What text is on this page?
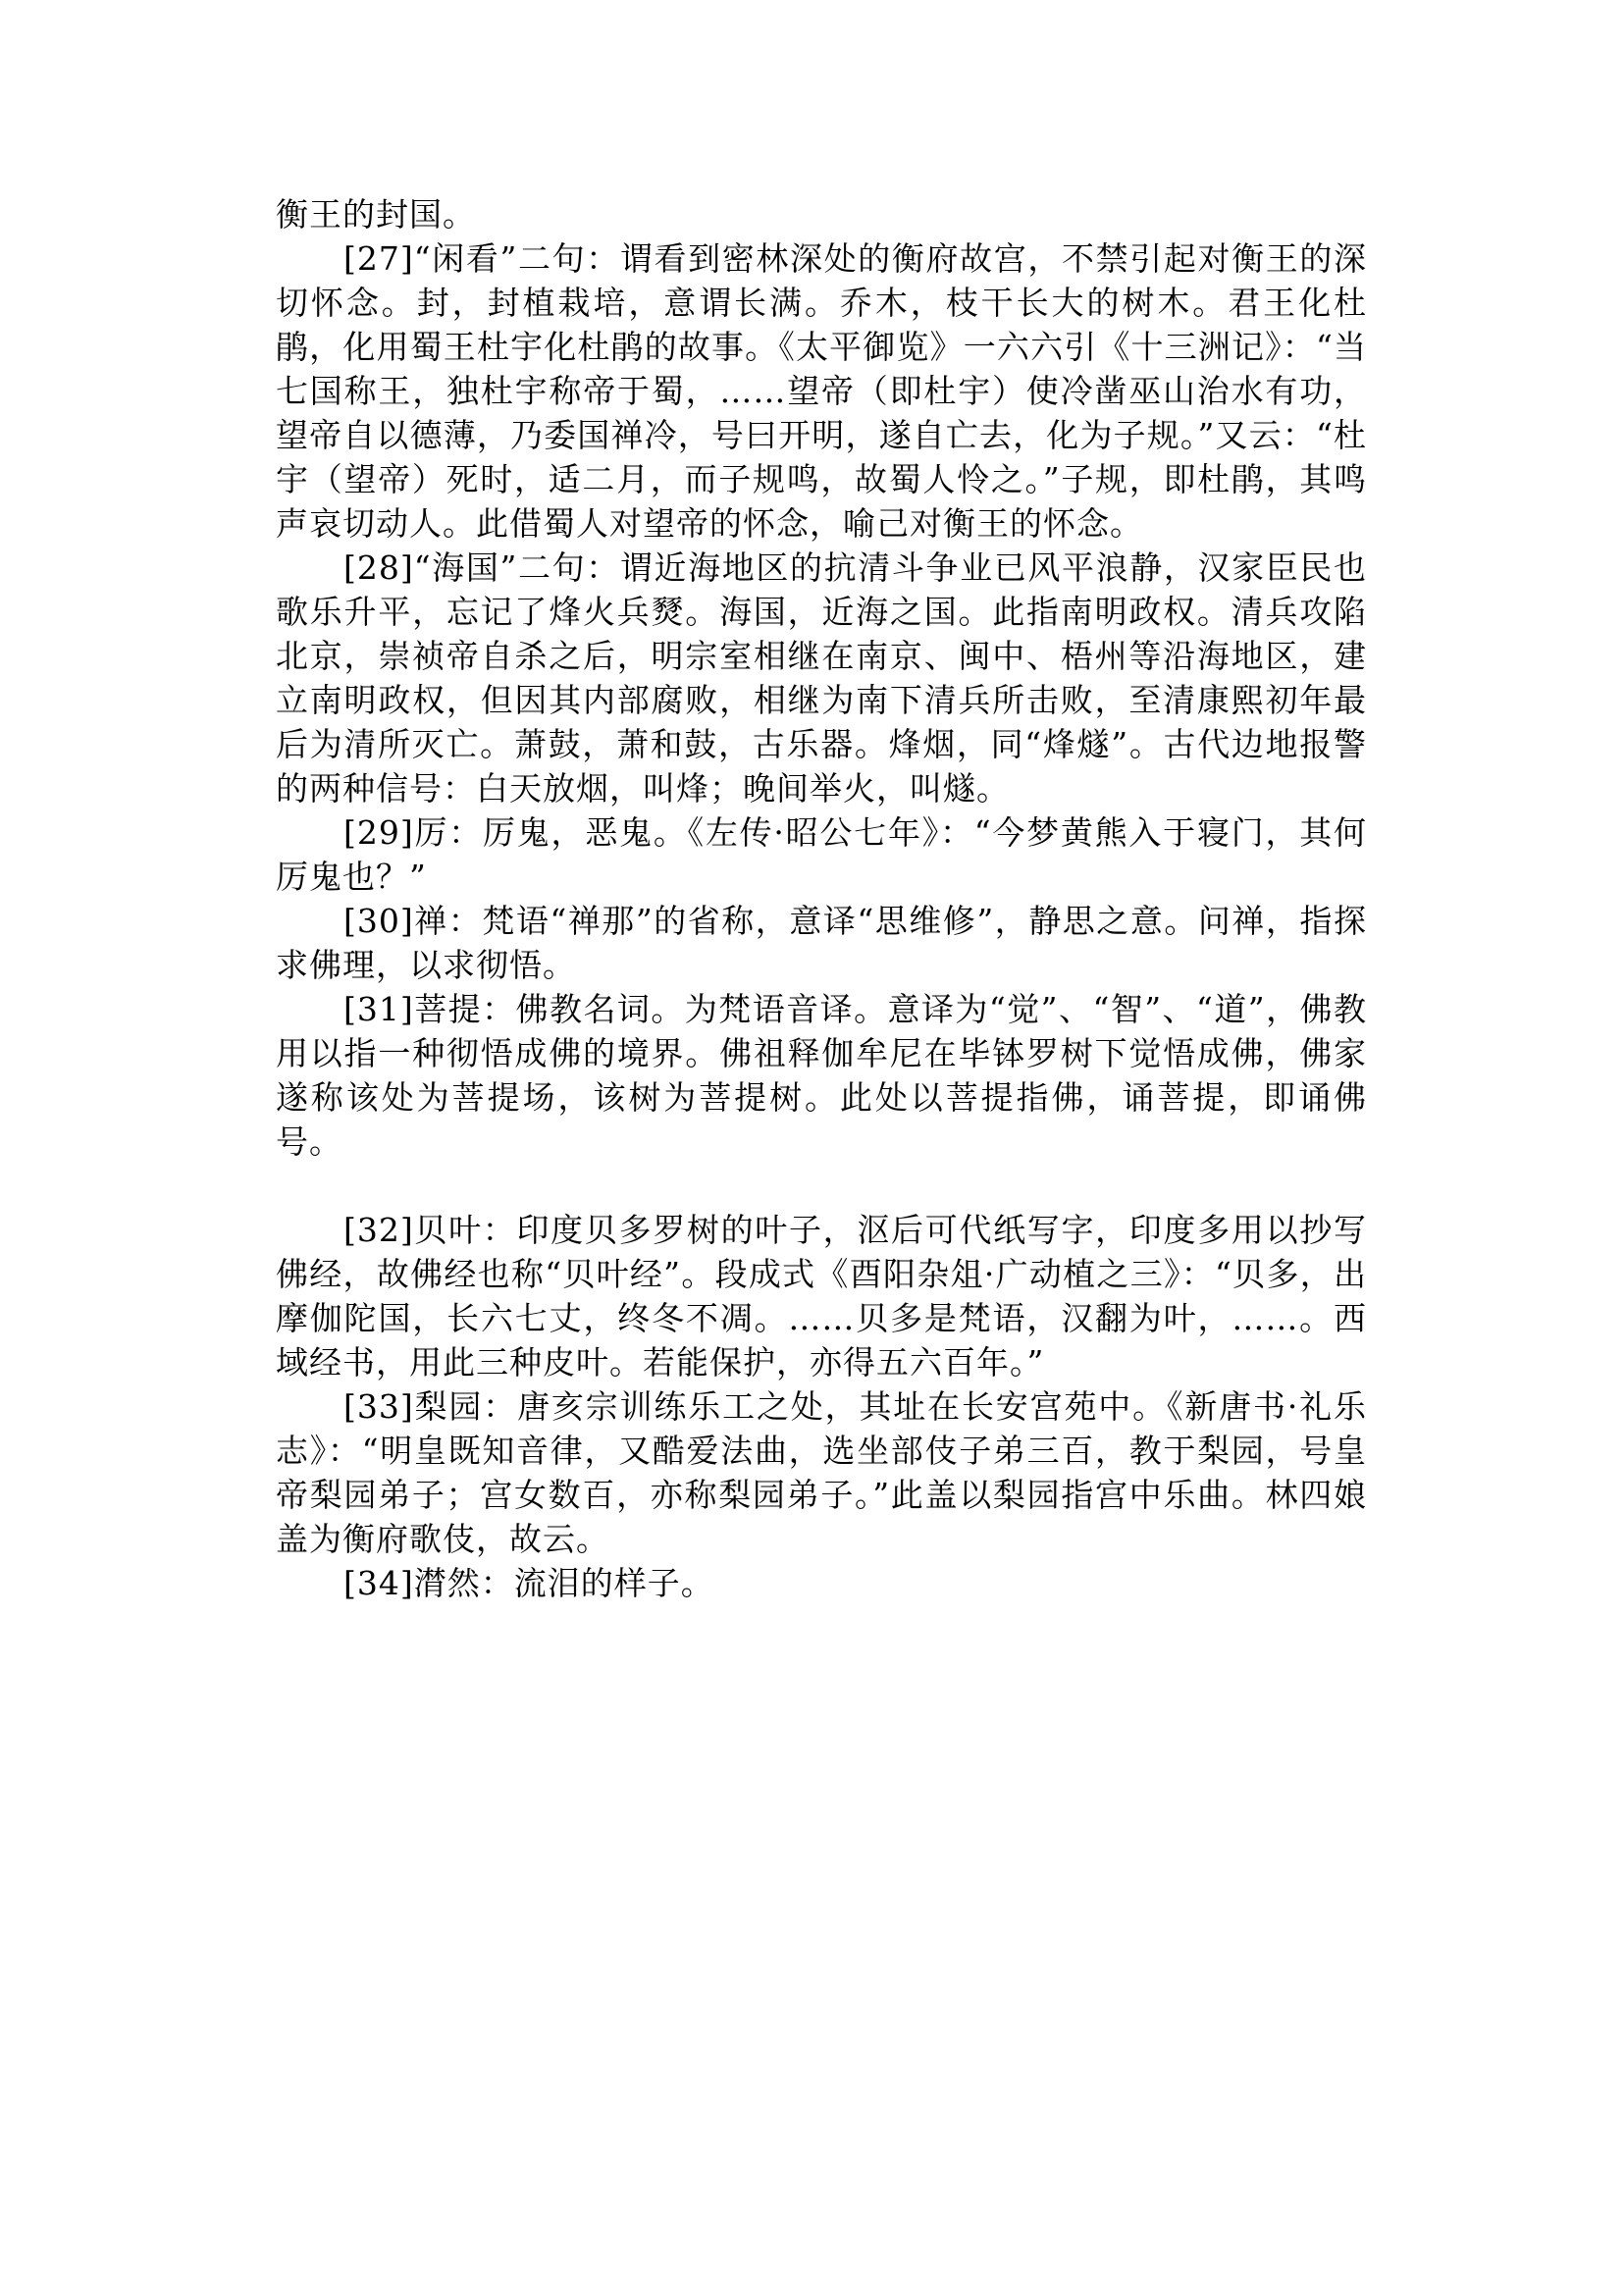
衡王的封国。

[27]“闲看”二句：谓看到密林深处的衡府故宫，不禁引起对衡王的深切怀念。封，封植栽培，意谓长满。乔木，枝干长大的树木。君王化杜鹃，化用蜀王杜宇化杜鹃的故事。《太平御览》一六六引《十三洲记》：“当七国称王，独杜宇称帝于蜀，……望帝（即杜宇）使冷凿巫山治水有功，望帝自以德薄，乃委国禅冷，号曰开明，遂自亡去，化为子规。”又云：“杜宇（望帝）死时，适二月，而子规鸣，故蜀人怜之。”子规，即杜鹃，其鸣声哀切动人。此借蜀人对望帝的怀念，喻己对衡王的怀念。

[28]“海国”二句：谓近海地区的抗清斗争业已风平浪静，汉家臣民也歌乐升平，忘记了烽火兵燹。海国，近海之国。此指南明政权。清兵攻陷北京，崇祯帝自杀之后，明宗室相继在南京、闽中、梧州等沿海地区，建立南明政权，但因其内部腐败，相继为南下清兵所击败，至清康熙初年最后为清所灭亡。萧鼓，萧和鼓，古乐器。烽烟，同“烽燧”。古代边地报警的两种信号：白天放烟，叫烽；晚间举火，叫燧。

[29]厉：厉鬼，恶鬼。《左传·昭公七年》：“今梦黄熊入于寝门，其何厉鬼也？”

[30]禅：梵语“禅那”的省称，意译“思维修”，静思之意。问禅，指探求佛理，以求彻悟。

[31]菩提：佛教名词。为梵语音译。意译为“觉”、“智”、“道”，佛教用以指一种彻悟成佛的境界。佛祖释伽牟尼在毕钵罗树下觉悟成佛，佛家遂称该处为菩提场，该树为菩提树。此处以菩提指佛，诵菩提，即诵佛号。

[32]贝叶：印度贝多罗树的叶子，沤后可代纸写字，印度多用以抄写佛经，故佛经也称“贝叶经”。段成式《酉阳杂俎·广动植之三》：“贝多，出摩伽陀国，长六七丈，终冬不凋。……贝多是梵语，汉翻为叶，……。西域经书，用此三种皮叶。若能保护，亦得五六百年。”

[33]梨园：唐亥宗训练乐工之处，其址在长安宫苑中。《新唐书·礼乐志》：“明皇既知音律，又酷爱法曲，选坐部伎子弟三百，教于梨园，号皇帝梨园弟子；宫女数百，亦称梨园弟子。”此盖以梨园指宫中乐曲。林四娘盖为衡府歌伎，故云。

[34]潸然：流泪的样子。
